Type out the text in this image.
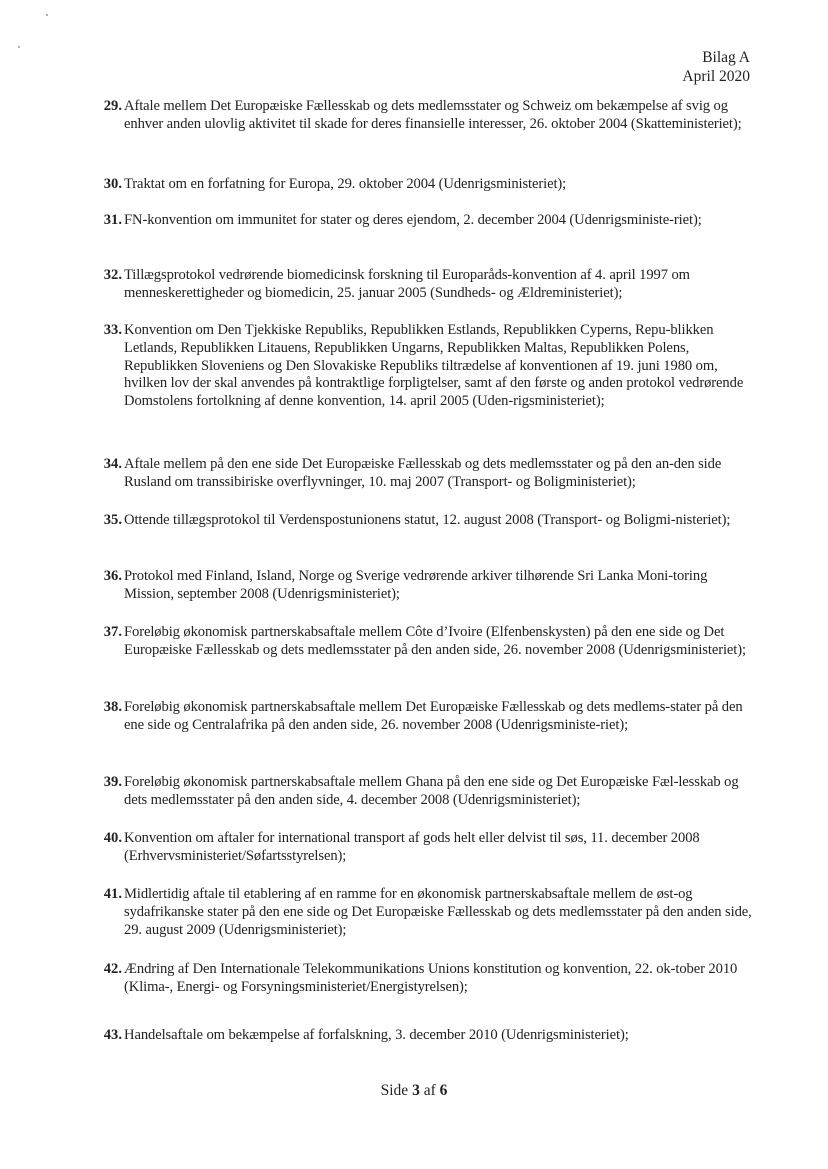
Bilag A
April 2020
29. Aftale mellem Det Europæiske Fællesskab og dets medlemsstater og Schweiz om bekæmpelse af svig og enhver anden ulovlig aktivitet til skade for deres finansielle interesser, 26. oktober 2004 (Skatteministeriet);
30. Traktat om en forfatning for Europa, 29. oktober 2004 (Udenrigsministeriet);
31. FN-konvention om immunitet for stater og deres ejendom, 2. december 2004 (Udenrigsministe-riet);
32. Tillægsprotokol vedrørende biomedicinsk forskning til Europaråds-konvention af 4. april 1997 om menneskerettigheder og biomedicin, 25. januar 2005 (Sundheds- og Ældreministeriet);
33. Konvention om Den Tjekkiske Republiks, Republikken Estlands, Republikken Cyperns, Repu-blikken Letlands, Republikken Litauens, Republikken Ungarns, Republikken Maltas, Republikken Polens, Republikken Sloveniens og Den Slovakiske Republiks tiltrædelse af konventionen af 19. juni 1980 om, hvilken lov der skal anvendes på kontraktlige forpligtelser, samt af den første og anden protokol vedrørende Domstolens fortolkning af denne konvention, 14. april 2005 (Uden-rigsministeriet);
34. Aftale mellem på den ene side Det Europæiske Fællesskab og dets medlemsstater og på den an-den side Rusland om transsibiriske overflyvninger, 10. maj 2007 (Transport- og Boligministeriet);
35. Ottende tillægsprotokol til Verdenspostunionens statut, 12. august 2008 (Transport- og Boligmi-nisteriet);
36. Protokol med Finland, Island, Norge og Sverige vedrørende arkiver tilhørende Sri Lanka Moni-toring Mission, september 2008 (Udenrigsministeriet);
37. Foreløbig økonomisk partnerskabsaftale mellem Côte d’Ivoire (Elfenbenskysten) på den ene side og Det Europæiske Fællesskab og dets medlemsstater på den anden side, 26. november 2008 (Udenrigsministeriet);
38. Foreløbig økonomisk partnerskabsaftale mellem Det Europæiske Fællesskab og dets medlems-stater på den ene side og Centralafrika på den anden side, 26. november 2008 (Udenrigsministe-riet);
39. Foreløbig økonomisk partnerskabsaftale mellem Ghana på den ene side og Det Europæiske Fæl-lesskab og dets medlemsstater på den anden side, 4. december 2008 (Udenrigsministeriet);
40. Konvention om aftaler for international transport af gods helt eller delvist til søs, 11. december 2008 (Erhvervsministeriet/Søfartsstyrelsen);
41. Midlertidig aftale til etablering af en ramme for en økonomisk partnerskabsaftale mellem de øst-og sydafrikanske stater på den ene side og Det Europæiske Fællesskab og dets medlemsstater på den anden side, 29. august 2009 (Udenrigsministeriet);
42. Ændring af Den Internationale Telekommunikations Unions konstitution og konvention, 22. ok-tober 2010 (Klima-, Energi- og Forsyningsministeriet/Energistyrelsen);
43. Handelsaftale om bekæmpelse af forfalskning, 3. december 2010 (Udenrigsministeriet);
Side 3 af 6
